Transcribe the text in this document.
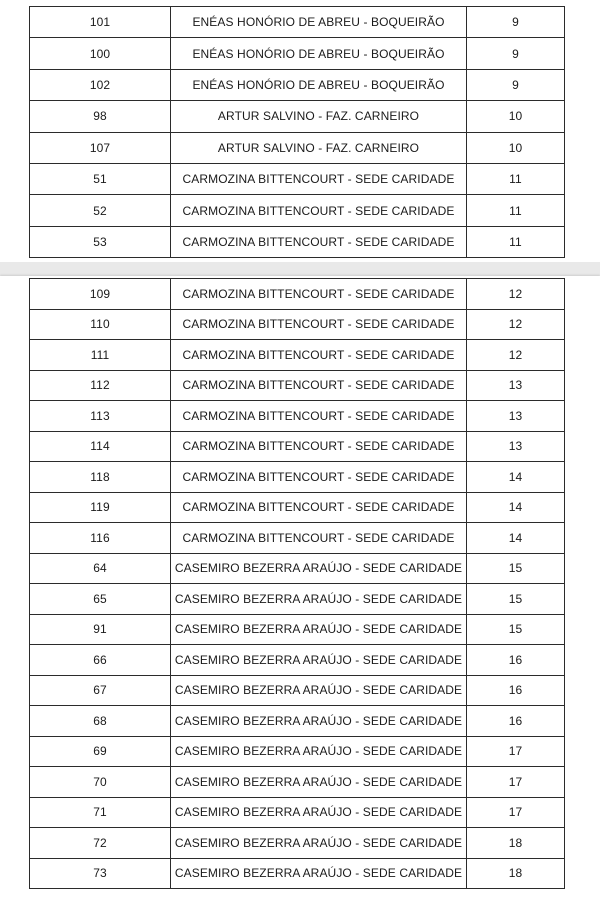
101	ENÉAS HONÓRIO DE ABREU - BOQUEIRÃO	9
100	ENÉAS HONÓRIO DE ABREU - BOQUEIRÃO	9
102	ENÉAS HONÓRIO DE ABREU - BOQUEIRÃO	9
98	ARTUR SALVINO - FAZ. CARNEIRO	10
107	ARTUR SALVINO - FAZ. CARNEIRO	10
51	CARMOZINA BITTENCOURT - SEDE CARIDADE	11
52	CARMOZINA BITTENCOURT - SEDE CARIDADE	11
53	CARMOZINA BITTENCOURT - SEDE CARIDADE	11
109	CARMOZINA BITTENCOURT - SEDE CARIDADE	12
110	CARMOZINA BITTENCOURT - SEDE CARIDADE	12
111	CARMOZINA BITTENCOURT - SEDE CARIDADE	12
112	CARMOZINA BITTENCOURT - SEDE CARIDADE	13
113	CARMOZINA BITTENCOURT - SEDE CARIDADE	13
114	CARMOZINA BITTENCOURT - SEDE CARIDADE	13
118	CARMOZINA BITTENCOURT - SEDE CARIDADE	14
119	CARMOZINA BITTENCOURT - SEDE CARIDADE	14
116	CARMOZINA BITTENCOURT - SEDE CARIDADE	14
64	CASEMIRO BEZERRA ARAÚJO - SEDE CARIDADE	15
65	CASEMIRO BEZERRA ARAÚJO - SEDE CARIDADE	15
91	CASEMIRO BEZERRA ARAÚJO - SEDE CARIDADE	15
66	CASEMIRO BEZERRA ARAÚJO - SEDE CARIDADE	16
67	CASEMIRO BEZERRA ARAÚJO - SEDE CARIDADE	16
68	CASEMIRO BEZERRA ARAÚJO - SEDE CARIDADE	16
69	CASEMIRO BEZERRA ARAÚJO - SEDE CARIDADE	17
70	CASEMIRO BEZERRA ARAÚJO - SEDE CARIDADE	17
71	CASEMIRO BEZERRA ARAÚJO - SEDE CARIDADE	17
72	CASEMIRO BEZERRA ARAÚJO - SEDE CARIDADE	18
73	CASEMIRO BEZERRA ARAÚJO - SEDE CARIDADE	18
